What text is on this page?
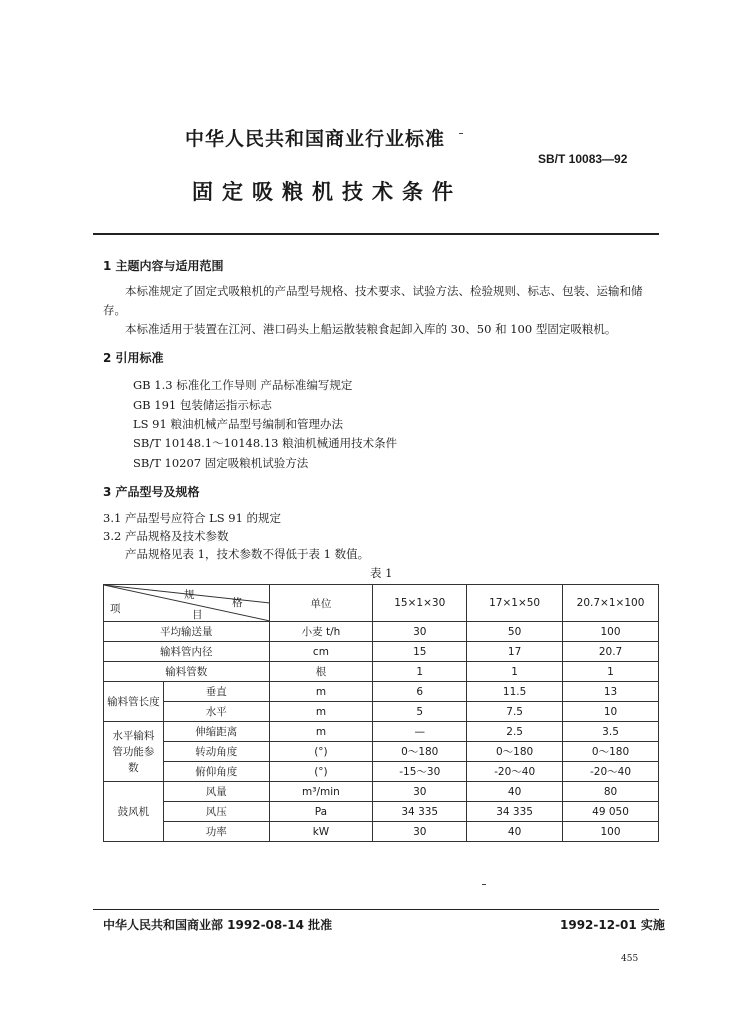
中华人民共和国商业行业标准
SB/T 10083—92
固定吸粮机技术条件
1 主题内容与适用范围
本标准规定了固定式吸粮机的产品型号规格、技术要求、试验方法、检验规则、标志、包装、运输和储
存。
本标准适用于装置在江河、港口码头上船运散装粮食起卸入库的 30、50 和 100 型固定吸粮机。
2 引用标准
GB 1.3 标准化工作导则 产品标准编写规定
GB 191 包装储运指示标志
LS 91 粮油机械产品型号编制和管理办法
SB/T 10148.1～10148.13 粮油机械通用技术条件
SB/T 10207 固定吸粮机试验方法
3 产品型号及规格
3.1 产品型号应符合 LS 91 的规定
3.2 产品规格及技术参数
产品规格见表 1，技术参数不得低于表 1 数值。
表 1
规
格
项 目		单位	15×1×30	17×1×50	20.7×1×100
平均输送量		小麦 t/h	30	50	100
输料管内径		cm	15	17	20.7
输料管数		根	1	1	1
输料管长度	垂直	m	6	11.5	13
	水平	m	5	7.5	10
水平输料管功能参数	伸缩距离	m	—	2.5	3.5
	转动角度	(°)	0～180	0～180	0～180
	俯仰角度	(°)	-15～30	-20～40	-20～40
鼓风机	风量	m³/min	30	40	80
	风压	Pa	34 335	34 335	49 050
	功率	kW	30	40	100
中华人民共和国商业部 1992-08-14 批准	1992-12-01 实施
455
